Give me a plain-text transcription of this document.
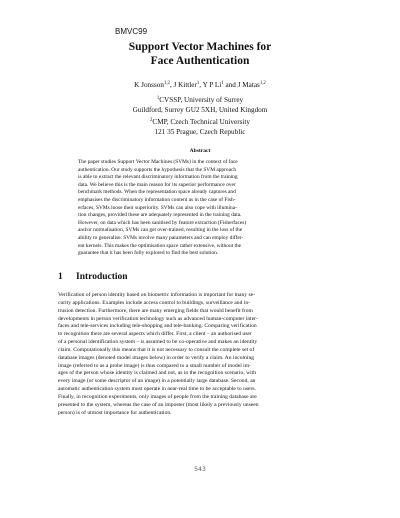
BMVC99
Support Vector Machines for
Face Authentication
K Jonsson$^{1,2}$, J Kittler$^1$, Y P Li$^1$ and J Matas$^{1,2}$
$^1$CVSSP, University of Surrey
Guildford, Surrey GU2 5XH, United Kingdom
$^2$CMP, Czech Technical University
121 35 Prague, Czech Republic
Abstract

The paper studies Support Vector Machines (SVMs) in the context of face
authentication. Our study supports the hypothesis that the SVM approach
is able to extract the relevant discriminatory information from the training
data. We believe this is the main reason for its superior performance over
benchmark methods. When the representation space already captures and
emphasises the discriminatory information content as in the case of Fish-
erfaces, SVMs loose their superiority. SVMs can also cope with illumina-
tion changes, provided these are adequately represented in the training data.
However, on data which has been sanitised by feature extraction (Fisherfaces)
and/or normalisation, SVMs can get over-trained, resulting in the loss of the
ability to generalise. SVMs involve many parameters and can employ differ-
ent kernels. This makes the optimisation space rather extensive, without the
guarantee that it has been fully explored to find the best solution.

1 Introduction

Verification of person identity based on biometric information is important for many se-
curity applications. Examples include access control to buildings, surveillance and in-
trusion detection. Furthermore, there are many emerging fields that would benefit from
developments in person verification technology such as advanced human-computer inter-
faces and tele-services including tele-shopping and tele-banking. Comparing verification
to recognition there are several aspects which differ. First, a client – an authorised user
of a personal identification system – is assumed to be co-operative and makes an identity
claim. Computationally this means that it is not necessary to consult the complete set of
database images (denoted model images below) in order to verify a claim. An incoming
image (referred to as a probe image) is thus compared to a small number of model im-
ages of the person whose identity is claimed and not, as in the recognition scenario, with
every image (or some descriptor of an image) in a potentially large database. Second, an
automatic authentication system must operate in near-real time to be acceptable to users.
Finally, in recognition experiments, only images of people from the training database are
presented to the system, whereas the case of an imposter (most likely a previously unseen
person) is of utmost importance for authentication.

543
